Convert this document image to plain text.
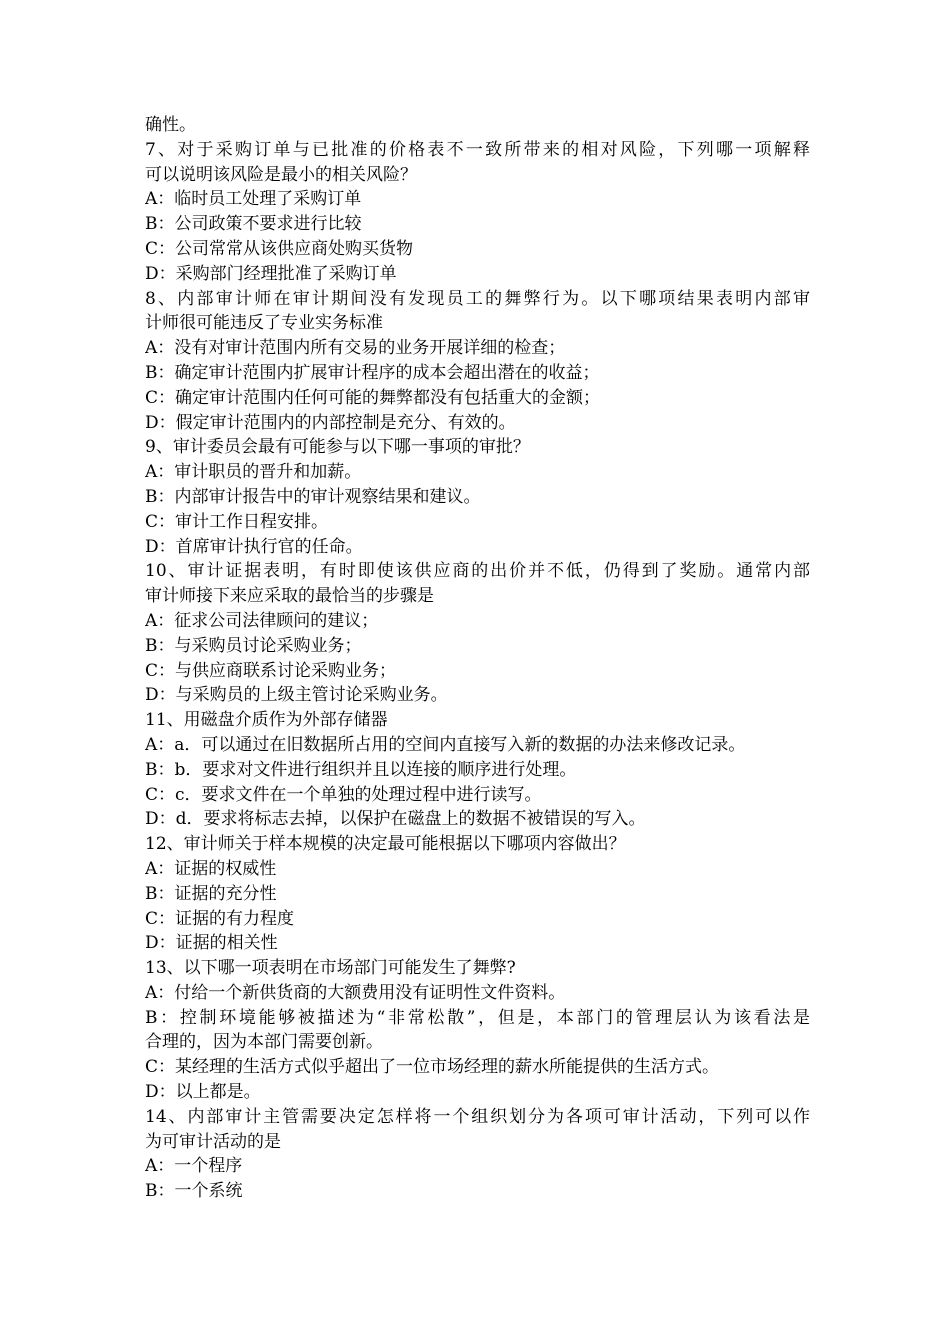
确性。
7、对于采购订单与已批准的价格表不一致所带来的相对风险，下列哪一项解释
可以说明该风险是最小的相关风险？
A：临时员工处理了采购订单
B：公司政策不要求进行比较
C：公司常常从该供应商处购买货物
D：采购部门经理批准了采购订单
8、内部审计师在审计期间没有发现员工的舞弊行为。以下哪项结果表明内部审
计师很可能违反了专业实务标准
A：没有对审计范围内所有交易的业务开展详细的检查；
B：确定审计范围内扩展审计程序的成本会超出潜在的收益；
C：确定审计范围内任何可能的舞弊都没有包括重大的金额；
D：假定审计范围内的内部控制是充分、有效的。
9、审计委员会最有可能参与以下哪一事项的审批？
A：审计职员的晋升和加薪。
B：内部审计报告中的审计观察结果和建议。
C：审计工作日程安排。
D：首席审计执行官的任命。
10、审计证据表明，有时即使该供应商的出价并不低，仍得到了奖励。通常内部
审计师接下来应采取的最恰当的步骤是
A：征求公司法律顾问的建议；
B：与采购员讨论采购业务；
C：与供应商联系讨论采购业务；
D：与采购员的上级主管讨论采购业务。
11、用磁盘介质作为外部存储器
A：a．可以通过在旧数据所占用的空间内直接写入新的数据的办法来修改记录。
B：b．要求对文件进行组织并且以连接的顺序进行处理。
C：c．要求文件在一个单独的处理过程中进行读写。
D：d．要求将标志去掉，以保护在磁盘上的数据不被错误的写入。
12、审计师关于样本规模的决定最可能根据以下哪项内容做出？
A：证据的权威性
B：证据的充分性
C：证据的有力程度
D：证据的相关性
13、以下哪一项表明在市场部门可能发生了舞弊?
A：付给一个新供货商的大额费用没有证明性文件资料。
B：控制环境能够被描述为“非常松散”，但是，本部门的管理层认为该看法是
合理的，因为本部门需要创新。
C：某经理的生活方式似乎超出了一位市场经理的薪水所能提供的生活方式。
D：以上都是。
14、内部审计主管需要决定怎样将一个组织划分为各项可审计活动，下列可以作
为可审计活动的是
A：一个程序
B：一个系统
